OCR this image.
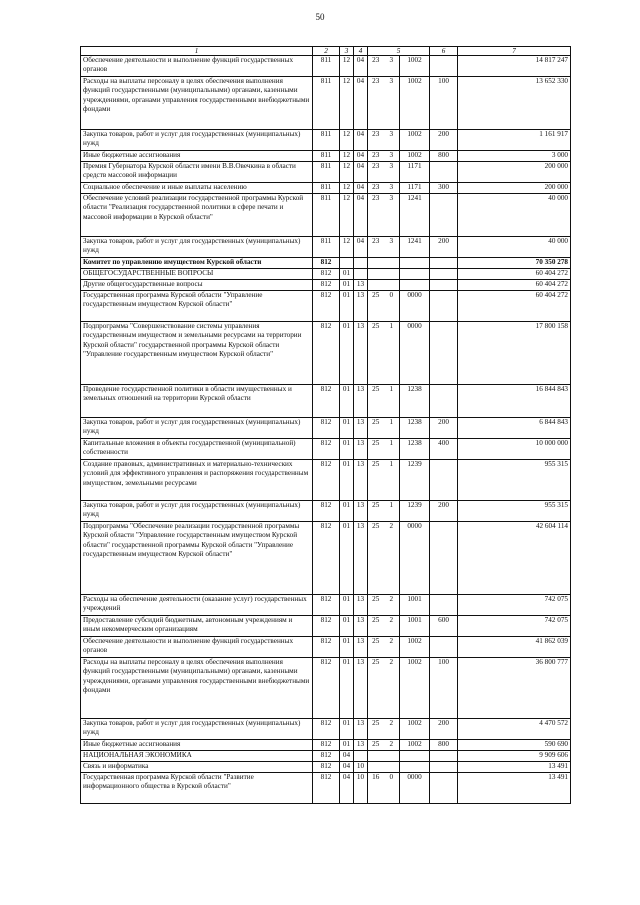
50
1	2	3	4	5			6	7
Обеспечение деятельности и выполнение функций государственных органов	811	12	04	23	3	1002		14 817 247
Расходы на выплаты персоналу в целях обеспечения выполнения функций государственными (муниципальными) органами, казенными учреждениями, органами управления государственными внебюджетными фондами	811	12	04	23	3	1002	100	13 652 330
Закупка товаров, работ и услуг для государственных (муниципальных) нужд	811	12	04	23	3	1002	200	1 161 917
Иные бюджетные ассигнования	811	12	04	23	3	1002	800	3 000
Премия Губернатора Курской области имени В.В.Овечкина в области средств массовой информации	811	12	04	23	3	1171		200 000
Социальное обеспечение и иные выплаты населению	811	12	04	23	3	1171	300	200 000
Обеспечение условий реализации государственной программы Курской области "Реализация государственной политики в сфере печати и массовой информации в Курской области"	811	12	04	23	3	1241		40 000
Закупка товаров, работ и услуг для государственных (муниципальных) нужд	811	12	04	23	3	1241	200	40 000
Комитет по управлению имуществом Курской области	812							70 350 278
ОБЩЕГОСУДАРСТВЕННЫЕ ВОПРОСЫ	812	01						60 404 272
Другие общегосударственные вопросы	812	01	13					60 404 272
Государственная программа Курской области "Управление государственным имуществом Курской области"	812	01	13	25	0	0000		60 404 272
Подпрограмма "Совершенствование системы управления государственным имуществом и земельными ресурсами на территории Курской области" государственной программы Курской области "Управление государственным имуществом Курской области"	812	01	13	25	1	0000		17 800 158
Проведение государственной политики в области имущественных и земельных отношений на территории Курской области	812	01	13	25	1	1238		16 844 843
Закупка товаров, работ и услуг для государственных (муниципальных) нужд	812	01	13	25	1	1238	200	6 844 843
Капитальные вложения в объекты государственной (муниципальной) собственности	812	01	13	25	1	1238	400	10 000 000
Создание правовых, административных и материально-технических условий для эффективного управления и распоряжения государственным имуществом, земельными ресурсами	812	01	13	25	1	1239		955 315
Закупка товаров, работ и услуг для государственных (муниципальных) нужд	812	01	13	25	1	1239	200	955 315
Подпрограмма "Обеспечение реализации государственной программы Курской области "Управление государственным имуществом Курской области" государственной программы Курской области "Управление государственным имуществом Курской области"	812	01	13	25	2	0000		42 604 114
Расходы на обеспечение деятельности (оказание услуг) государственных учреждений	812	01	13	25	2	1001		742 075
Предоставление субсидий бюджетным, автономным учреждениям и иным некоммерческим организациям	812	01	13	25	2	1001	600	742 075
Обеспечение деятельности и выполнение функций государственных органов	812	01	13	25	2	1002		41 862 039
Расходы на выплаты персоналу в целях обеспечения выполнения функций государственными (муниципальными) органами, казенными учреждениями, органами управления государственными внебюджетными фондами	812	01	13	25	2	1002	100	36 800 777
Закупка товаров, работ и услуг для государственных (муниципальных) нужд	812	01	13	25	2	1002	200	4 470 572
Иные бюджетные ассигнования	812	01	13	25	2	1002	800	590 690
НАЦИОНАЛЬНАЯ ЭКОНОМИКА	812	04						9 909 606
Связь и информатика	812	04	10					13 491
Государственная программа Курской области "Развитие информационного общества в Курской области"	812	04	10	16	0	0000		13 491
